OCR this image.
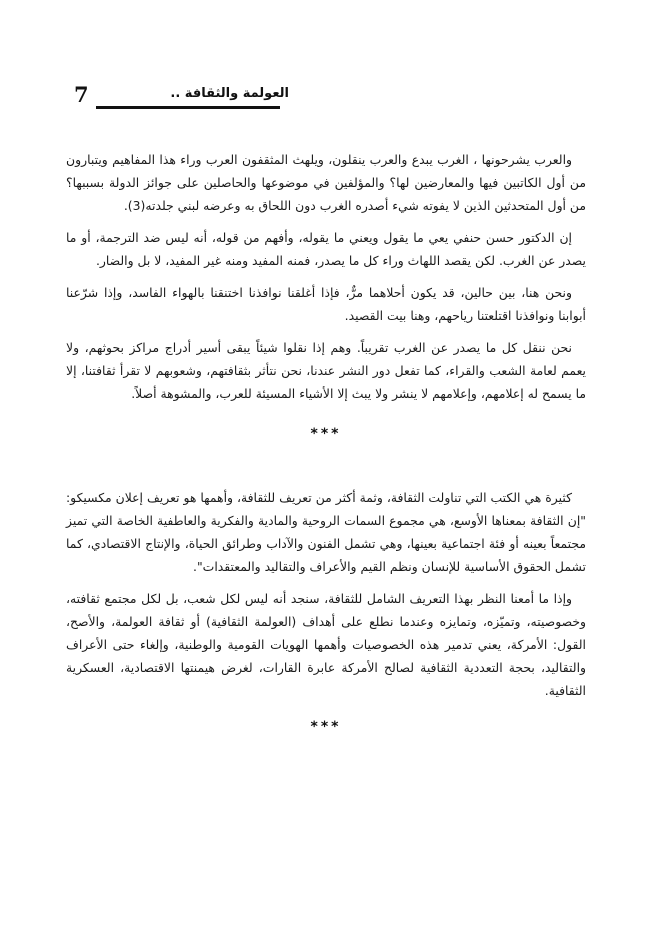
7	العولمة والثقافة ..

والعرب يشرحونها ، الغرب يبدع والعرب ينقلون، ويلهث المثقفون العرب وراء هذا المفاهيم ويتبارون من أول الكاتبين فيها والمعارضين لها؟ والمؤلفين في موضوعها والحاصلين على جوائز الدولة بسببها؟ من أول المتحدثين الذين لا يفوته شيء أصدره الغرب دون اللحاق به وعرضه لبني جلدته(3).

إن الدكتور حسن حنفي يعي ما يقول ويعني ما يقوله، وأفهم من قوله، أنه ليس ضد الترجمة، أو ما يصدر عن الغرب. لكن يقصد اللهاث وراء كل ما يصدر، فمنه المفيد ومنه غير المفيد، لا بل والضار.

ونحن هنا، بين حالين، قد يكون أحلاهما مرٌّ، فإذا أغلقنا نوافذنا اختنقنا بالهواء الفاسد، وإذا شرّعنا أبوابنا ونوافذنا اقتلعتنا رياحهم، وهنا بيت القصيد.

نحن ننقل كل ما يصدر عن الغرب تقريباً. وهم إذا نقلوا شيئاً يبقى أسير أدراج مراكز بحوثهم، ولا يعمم لعامة الشعب والقراء، كما تفعل دور النشر عندنا، نحن نتأثر بثقافتهم، وشعوبهم لا تقرأ ثقافتنا، إلا ما يسمح له إعلامهم، وإعلامهم لا ينشر ولا يبث إلا الأشياء المسيئة للعرب، والمشوهة أصلاً.

***

كثيرة هي الكتب التي تناولت الثقافة، وثمة أكثر من تعريف للثقافة، وأهمها هو تعريف إعلان مكسيكو: "إن الثقافة بمعناها الأوسع، هي مجموع السمات الروحية والمادية والفكرية والعاطفية الخاصة التي تميز مجتمعاً بعينه أو فئة اجتماعية بعينها، وهي تشمل الفنون والآداب وطرائق الحياة، والإنتاج الاقتصادي، كما تشمل الحقوق الأساسية للإنسان ونظم القيم والأعراف والتقاليد والمعتقدات".

وإذا ما أمعنا النظر بهذا التعريف الشامل للثقافة، سنجد أنه ليس لكل شعب، بل لكل مجتمع ثقافته، وخصوصيته، وتميّزه، وتمايزه وعندما نطلع على أهداف (العولمة الثقافية) أو ثقافة العولمة، والأصح، القول: الأمركة، يعني تدمير هذه الخصوصيات وأهمها الهويات القومية والوطنية، وإلغاء حتى الأعراف والتقاليد، بحجة التعددية الثقافية لصالح الأمركة عابرة القارات، لغرض هيمنتها الاقتصادية، العسكرية الثقافية.

***
